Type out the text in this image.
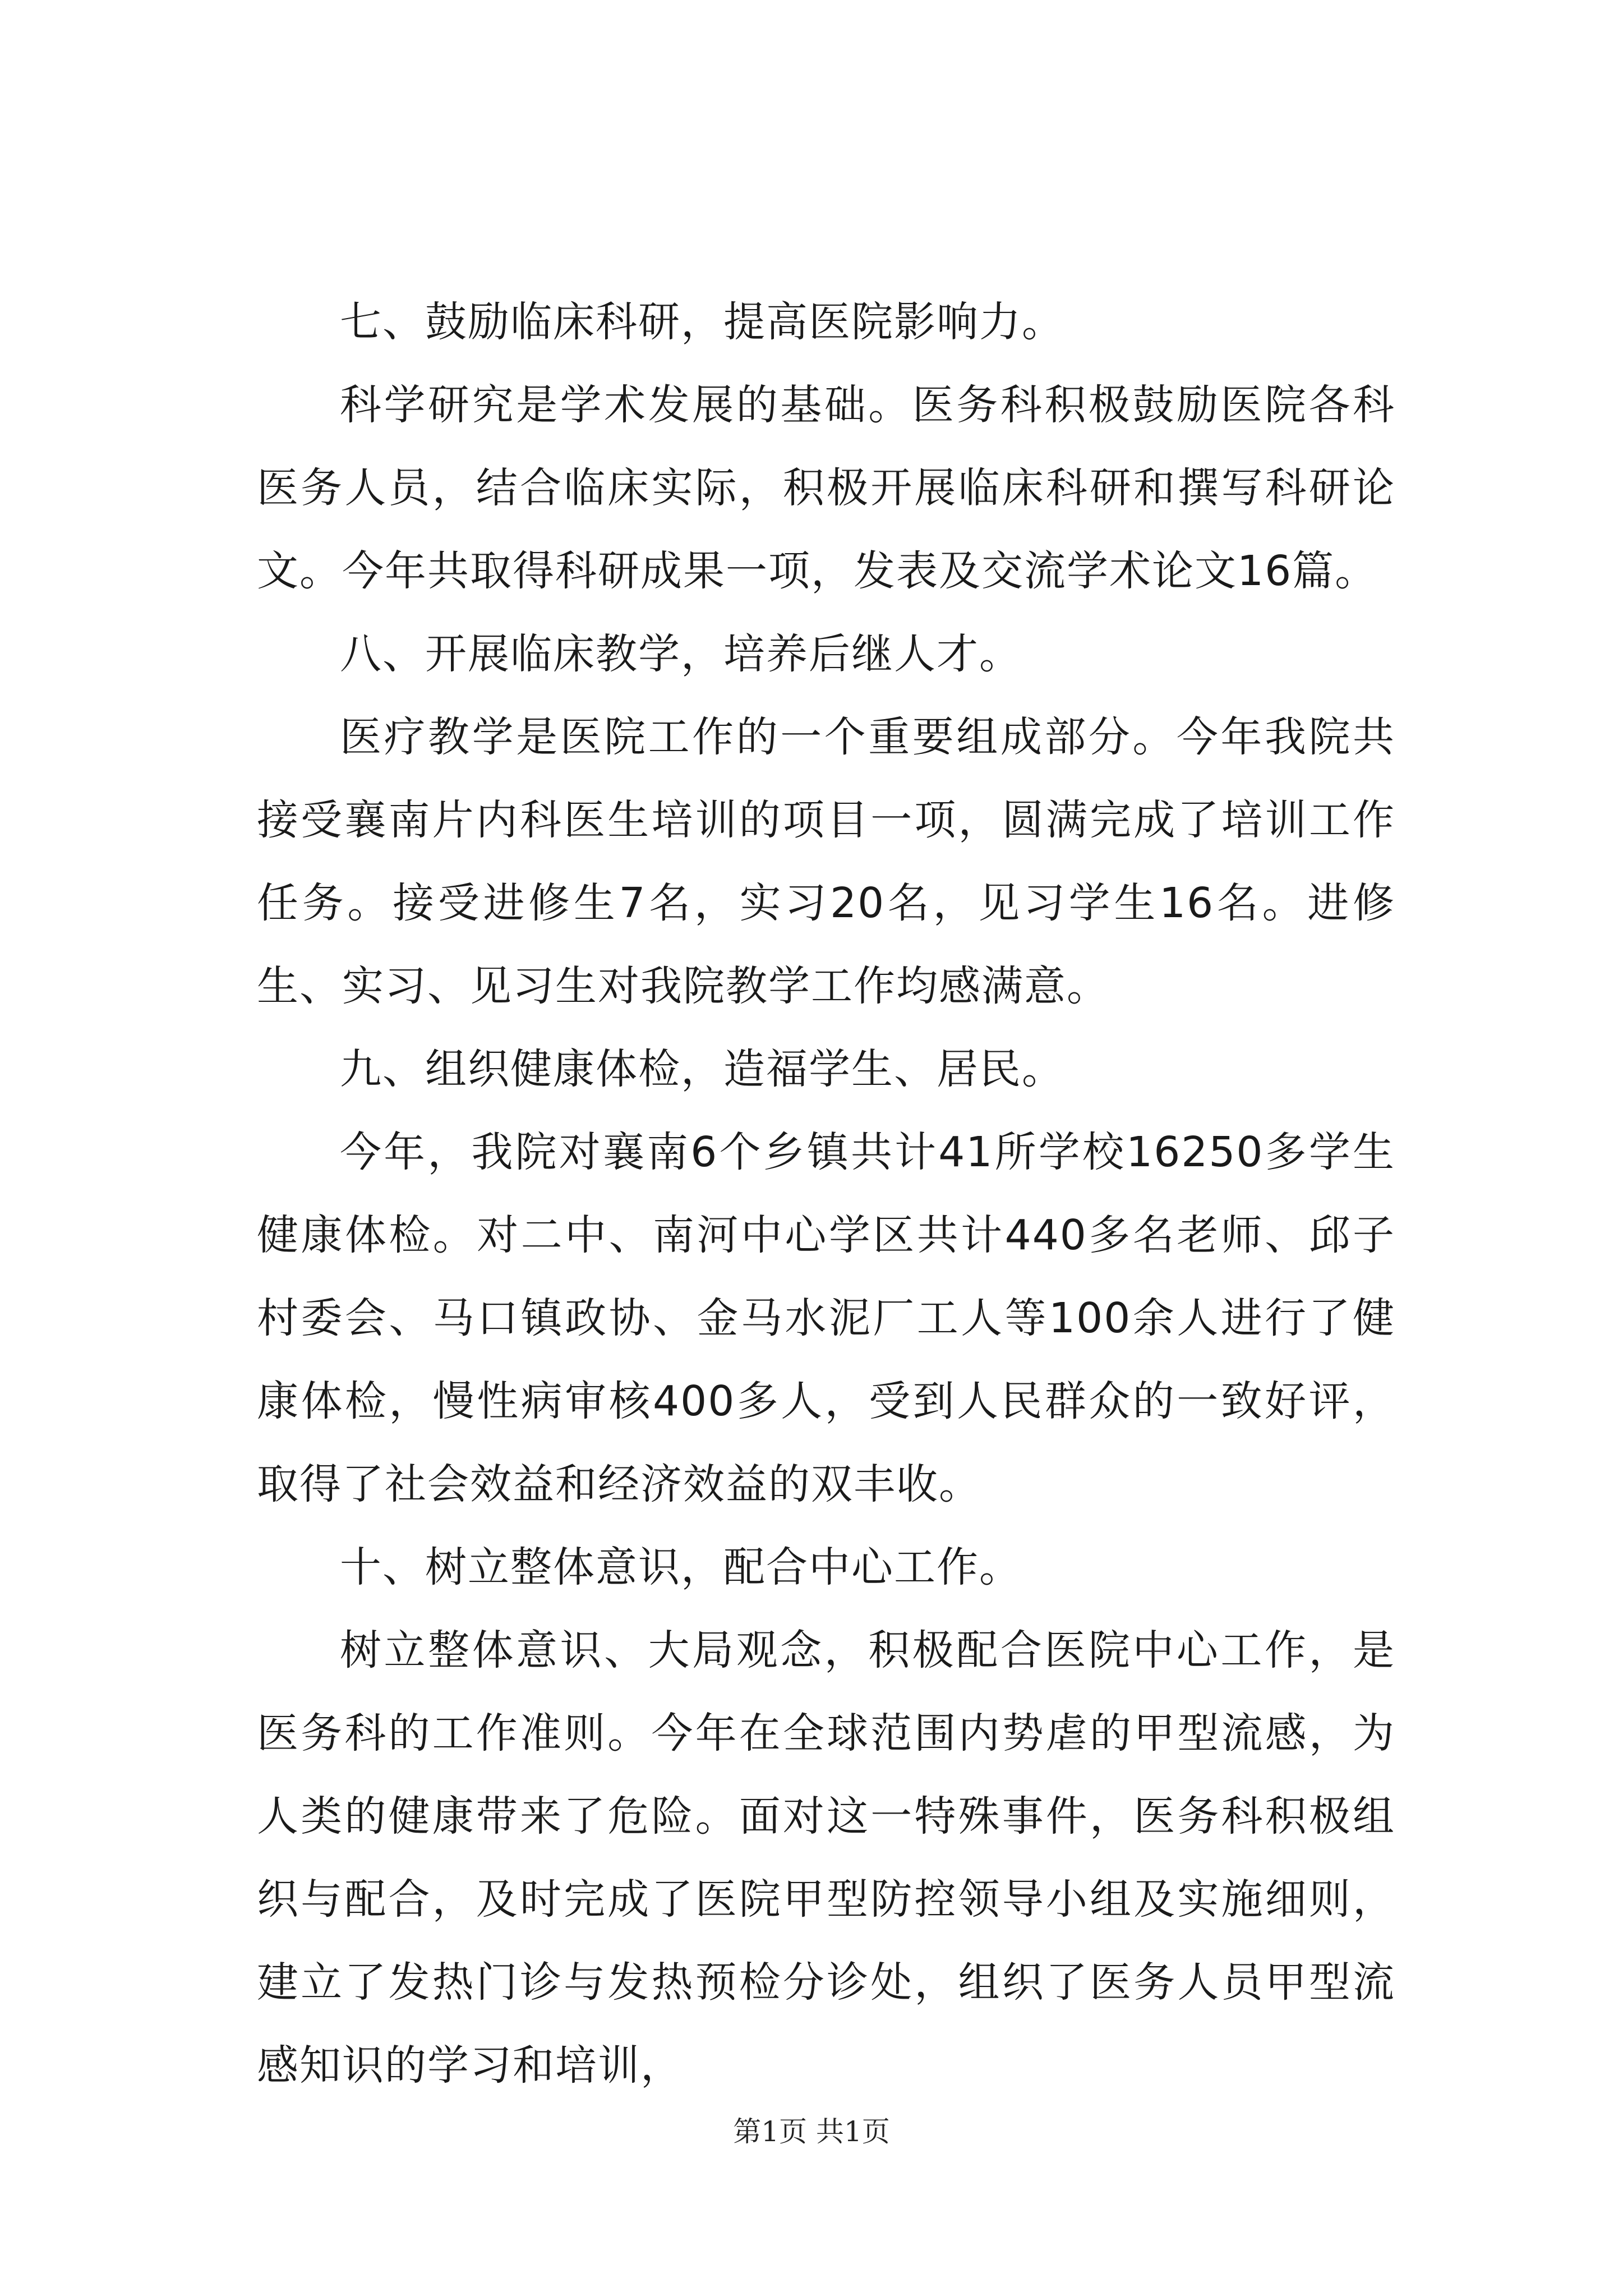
七、鼓励临床科研，提高医院影响力。

科学研究是学术发展的基础。医务科积极鼓励医院各科医务人员，结合临床实际，积极开展临床科研和撰写科研论文。今年共取得科研成果一项，发表及交流学术论文16篇。

八、开展临床教学，培养后继人才。

医疗教学是医院工作的一个重要组成部分。今年我院共接受襄南片内科医生培训的项目一项，圆满完成了培训工作任务。接受进修生7名，实习20名，见习学生16名。进修生、实习、见习生对我院教学工作均感满意。

九、组织健康体检，造福学生、居民。

今年，我院对襄南6个乡镇共计41所学校16250多学生健康体检。对二中、南河中心学区共计440多名老师、邱子村委会、马口镇政协、金马水泥厂工人等100余人进行了健康体检，慢性病审核400多人，受到人民群众的一致好评，取得了社会效益和经济效益的双丰收。

十、树立整体意识，配合中心工作。

树立整体意识、大局观念，积极配合医院中心工作，是医务科的工作准则。今年在全球范围内势虐的甲型流感，为人类的健康带来了危险。面对这一特殊事件，医务科积极组织与配合，及时完成了医院甲型防控领导小组及实施细则，建立了发热门诊与发热预检分诊处，组织了医务人员甲型流感知识的学习和培训，

第1页 共1页
